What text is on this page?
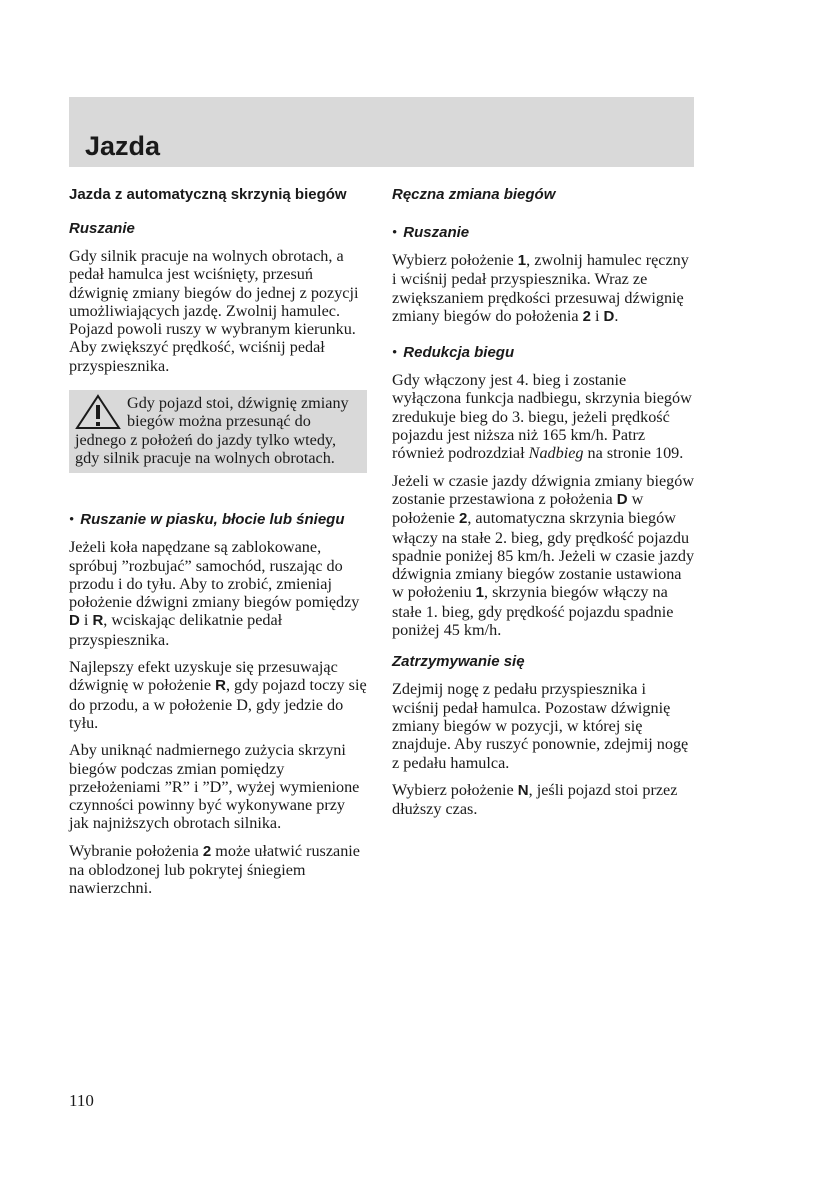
Jazda

Jazda z automatyczną skrzynią biegów

Ruszanie

Gdy silnik pracuje na wolnych obrotach, a pedał hamulca jest wciśnięty, przesuń dźwignię zmiany biegów do jednej z pozycji umożliwiających jazdę. Zwolnij hamulec. Pojazd powoli ruszy w wybranym kierunku. Aby zwiększyć prędkość, wciśnij pedał przyspiesznika.

Gdy pojazd stoi, dźwignię zmiany biegów można przesunąć do jednego z położeń do jazdy tylko wtedy, gdy silnik pracuje na wolnych obrotach.

• Ruszanie w piasku, błocie lub śniegu

Jeżeli koła napędzane są zablokowane, spróbuj ”rozbujać” samochód, ruszając do przodu i do tyłu. Aby to zrobić, zmieniaj położenie dźwigni zmiany biegów pomiędzy D i R, wciskając delikatnie pedał przyspiesznika.

Najlepszy efekt uzyskuje się przesuwając dźwignię w położenie R, gdy pojazd toczy się do przodu, a w położenie D, gdy jedzie do tyłu.

Aby uniknąć nadmiernego zużycia skrzyni biegów podczas zmian pomiędzy przełożeniami ”R” i ”D”, wyżej wymienione czynności powinny być wykonywane przy jak najniższych obrotach silnika.

Wybranie położenia 2 może ułatwić ruszanie na oblodzonej lub pokrytej śniegiem nawierzchni.

Ręczna zmiana biegów

• Ruszanie

Wybierz położenie 1, zwolnij hamulec ręczny i wciśnij pedał przyspiesznika. Wraz ze zwiększaniem prędkości przesuwaj dźwignię zmiany biegów do położenia 2 i D.

• Redukcja biegu

Gdy włączony jest 4. bieg i zostanie wyłączona funkcja nadbiegu, skrzynia biegów zredukuje bieg do 3. biegu, jeżeli prędkość pojazdu jest niższa niż 165 km/h. Patrz również podrozdział Nadbieg na stronie 109.

Jeżeli w czasie jazdy dźwignia zmiany biegów zostanie przestawiona z położenia D w położenie 2, automatyczna skrzynia biegów włączy na stałe 2. bieg, gdy prędkość pojazdu spadnie poniżej 85 km/h. Jeżeli w czasie jazdy dźwignia zmiany biegów zostanie ustawiona w położeniu 1, skrzynia biegów włączy na stałe 1. bieg, gdy prędkość pojazdu spadnie poniżej 45 km/h.

Zatrzymywanie się

Zdejmij nogę z pedału przyspiesznika i wciśnij pedał hamulca. Pozostaw dźwignię zmiany biegów w pozycji, w której się znajduje. Aby ruszyć ponownie, zdejmij nogę z pedału hamulca.

Wybierz położenie N, jeśli pojazd stoi przez dłuższy czas.

110
